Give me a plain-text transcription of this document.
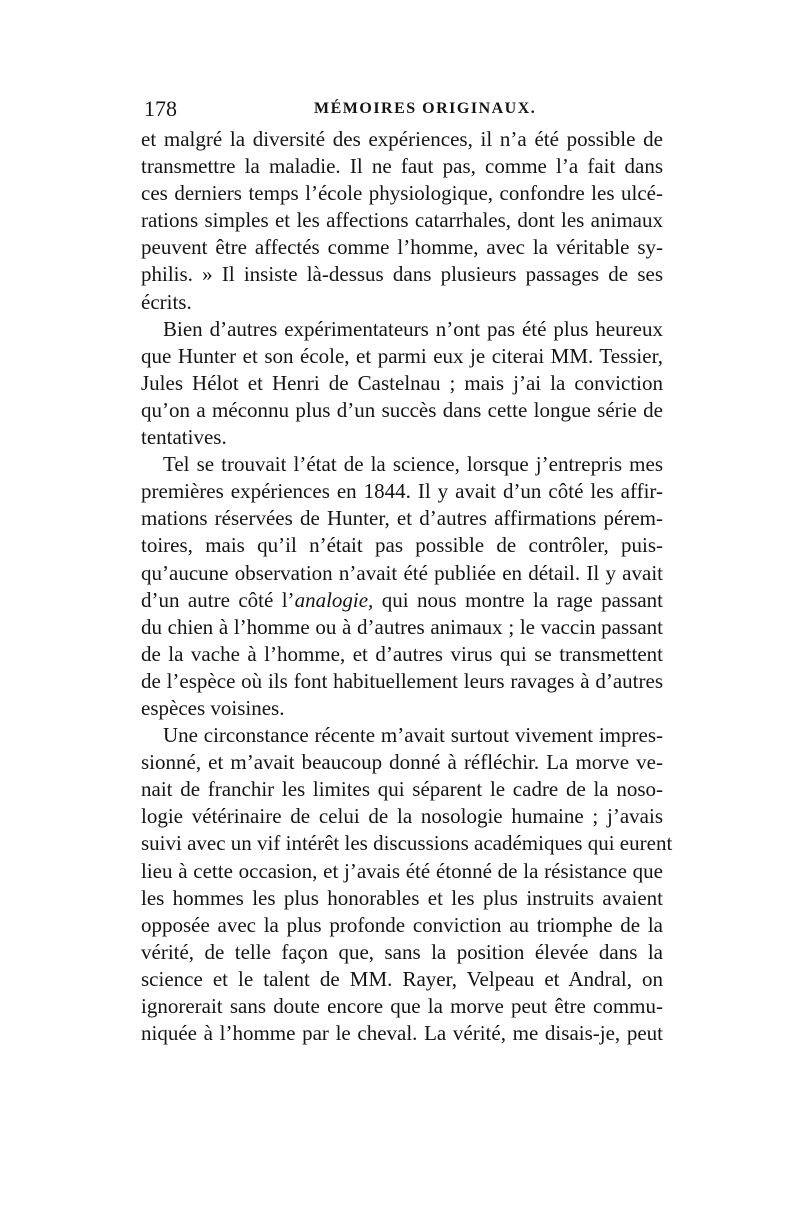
178	MÉMOIRES ORIGINAUX.
et malgré la diversité des expériences, il n’a été possible de
transmettre la maladie. Il ne faut pas, comme l’a fait dans
ces derniers temps l’école physiologique, confondre les ulcé-
rations simples et les affections catarrhales, dont les animaux
peuvent être affectés comme l’homme, avec la véritable sy-
philis. » Il insiste là-dessus dans plusieurs passages de ses
écrits.
Bien d’autres expérimentateurs n’ont pas été plus heureux
que Hunter et son école, et parmi eux je citerai MM. Tessier,
Jules Hélot et Henri de Castelnau ; mais j’ai la conviction
qu’on a méconnu plus d’un succès dans cette longue série de
tentatives.
Tel se trouvait l’état de la science, lorsque j’entrepris mes
premières expériences en 1844. Il y avait d’un côté les affir-
mations réservées de Hunter, et d’autres affirmations pérem-
toires, mais qu’il n’était pas possible de contrôler, puis-
qu’aucune observation n’avait été publiée en détail. Il y avait
d’un autre côté l’analogie, qui nous montre la rage passant
du chien à l’homme ou à d’autres animaux ; le vaccin passant
de la vache à l’homme, et d’autres virus qui se transmettent
de l’espèce où ils font habituellement leurs ravages à d’autres
espèces voisines.
Une circonstance récente m’avait surtout vivement impres-
sionné, et m’avait beaucoup donné à réfléchir. La morve ve-
nait de franchir les limites qui séparent le cadre de la noso-
logie vétérinaire de celui de la nosologie humaine ; j’avais
suivi avec un vif intérêt les discussions académiques qui eurent
lieu à cette occasion, et j’avais été étonné de la résistance que
les hommes les plus honorables et les plus instruits avaient
opposée avec la plus profonde conviction au triomphe de la
vérité, de telle façon que, sans la position élevée dans la
science et le talent de MM. Rayer, Velpeau et Andral, on
ignorerait sans doute encore que la morve peut être commu-
niquée à l’homme par le cheval. La vérité, me disais-je, peut
